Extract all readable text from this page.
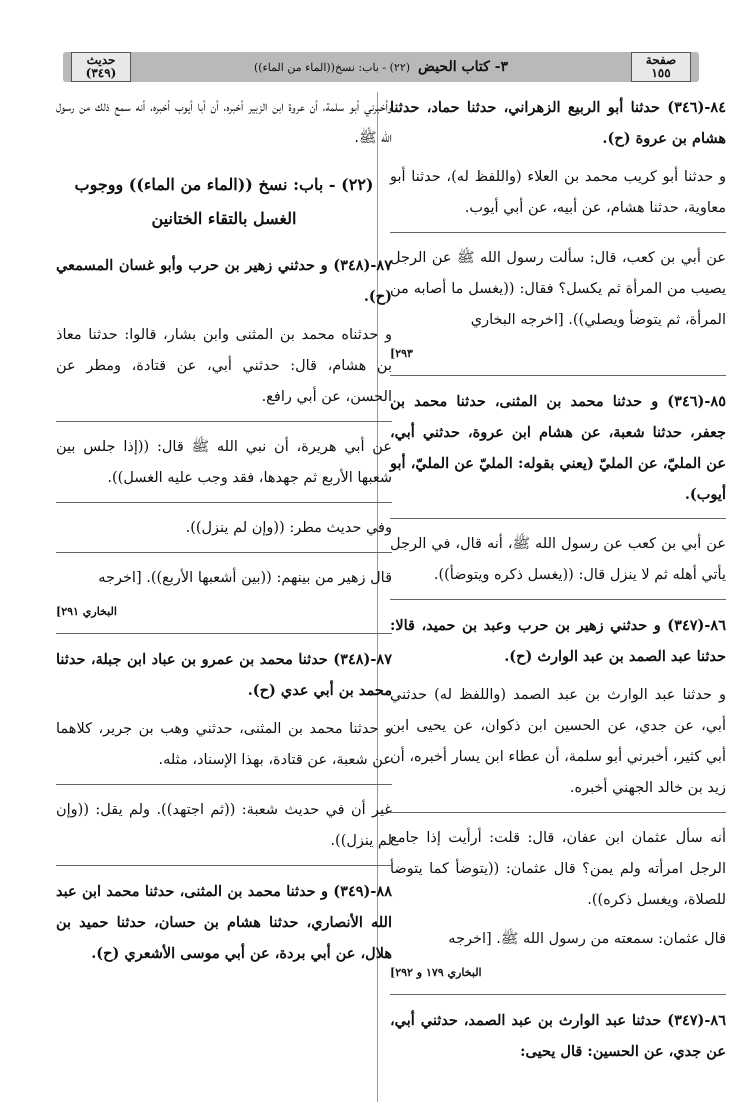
صفحة
١٥٥
٣- كتاب الحيض
(٢٢) - باب: نسخ((الماء من الماء))
حديث
(٣٤٩)

٨٤-(٣٤٦) حدثنا أبو الربيع الزهراني، حدثنا حماد، حدثنا هشام بن عروة (ح).

و حدثنا أبو كريب محمد بن العلاء (واللفظ له)، حدثنا أبو معاوية، حدثنا هشام، عن أبيه، عن أبي أيوب.

عن أبي بن كعب، قال: سألت رسول الله ﷺ عن الرجل يصيب من المرأة ثم يكسل؟ فقال: ((يغسل ما أصابه من المرأة، ثم يتوضأ ويصلي)). [اخرجه البخاري

٢٩٣]

٨٥-(٣٤٦) و حدثنا محمد بن المثنى، حدثنا محمد بن جعفر، حدثنا شعبة، عن هشام ابن عروة، حدثني أبي، عن المليّ، عن المليّ (يعني بقوله: المليّ عن المليّ، أبو أيوب).

عن أبي بن كعب عن رسول الله ﷺ، أنه قال، في الرجل يأتي أهله ثم لا ينزل قال: ((يغسل ذكره ويتوضأ)).

٨٦-(٣٤٧) و حدثني زهير بن حرب وعبد بن حميد، قالا: حدثنا عبد الصمد بن عبد الوارث (ح).

و حدثنا عبد الوارث بن عبد الصمد (واللفظ له) حدثني أبي، عن جدي، عن الحسين ابن ذكوان، عن يحيى ابن أبي كثير، أخبرني أبو سلمة، أن عطاء ابن يسار أخبره، أن زيد بن خالد الجهني أخبره.

أنه سأل عثمان ابن عفان، قال: قلت: أرأيت إذا جامع الرجل امرأته ولم يمن؟ قال عثمان: ((يتوضأ كما يتوضأ للصلاة، ويغسل ذكره)).

قال عثمان: سمعته من رسول الله ﷺ. [اخرجه

البخاري ١٧٩ و ٢٩٢]

٨٦-(٣٤٧) حدثنا عبد الوارث بن عبد الصمد، حدثني أبي، عن جدي، عن الحسين: قال يحيى:

وأخبرني أبو سلمة، أن عروة ابن الزبير أخبره، أن أبا أيوب أخبره، أنه سمع ذلك من رسول الله ﷺ.

(٢٢) - باب: نسخ ((الماء من الماء)) ووجوب الغسل بالتقاء الختانين

٨٧-(٣٤٨) و حدثني زهير بن حرب وأبو غسان المسمعي (ح).

و حدثناه محمد بن المثنى وابن بشار، قالوا: حدثنا معاذ بن هشام، قال: حدثني أبي، عن قتادة، ومطر عن الحسن، عن أبي رافع.

عن أبي هريرة، أن نبي الله ﷺ قال: ((إذا جلس بين شعبها الأربع ثم جهدها، فقد وجب عليه الغسل)).

وفي حديث مطر: ((وإن لم ينزل)).

قال زهير من بينهم: ((بين أشعبها الأربع)). [اخرجه

البخاري ٢٩١]

٨٧-(٣٤٨) حدثنا محمد بن عمرو بن عباد ابن جبلة، حدثنا محمد بن أبي عدي (ح).

و حدثنا محمد بن المثنى، حدثني وهب بن جرير، كلاهما عن شعبة، عن قتادة، بهذا الإسناد، مثله.

غير أن في حديث شعبة: ((ثم اجتهد)). ولم يقل: ((وإن لم ينزل)).

٨٨-(٣٤٩) و حدثنا محمد بن المثنى، حدثنا محمد ابن عبد الله الأنصاري، حدثنا هشام بن حسان، حدثنا حميد بن هلال، عن أبي بردة، عن أبي موسى الأشعري (ح).
